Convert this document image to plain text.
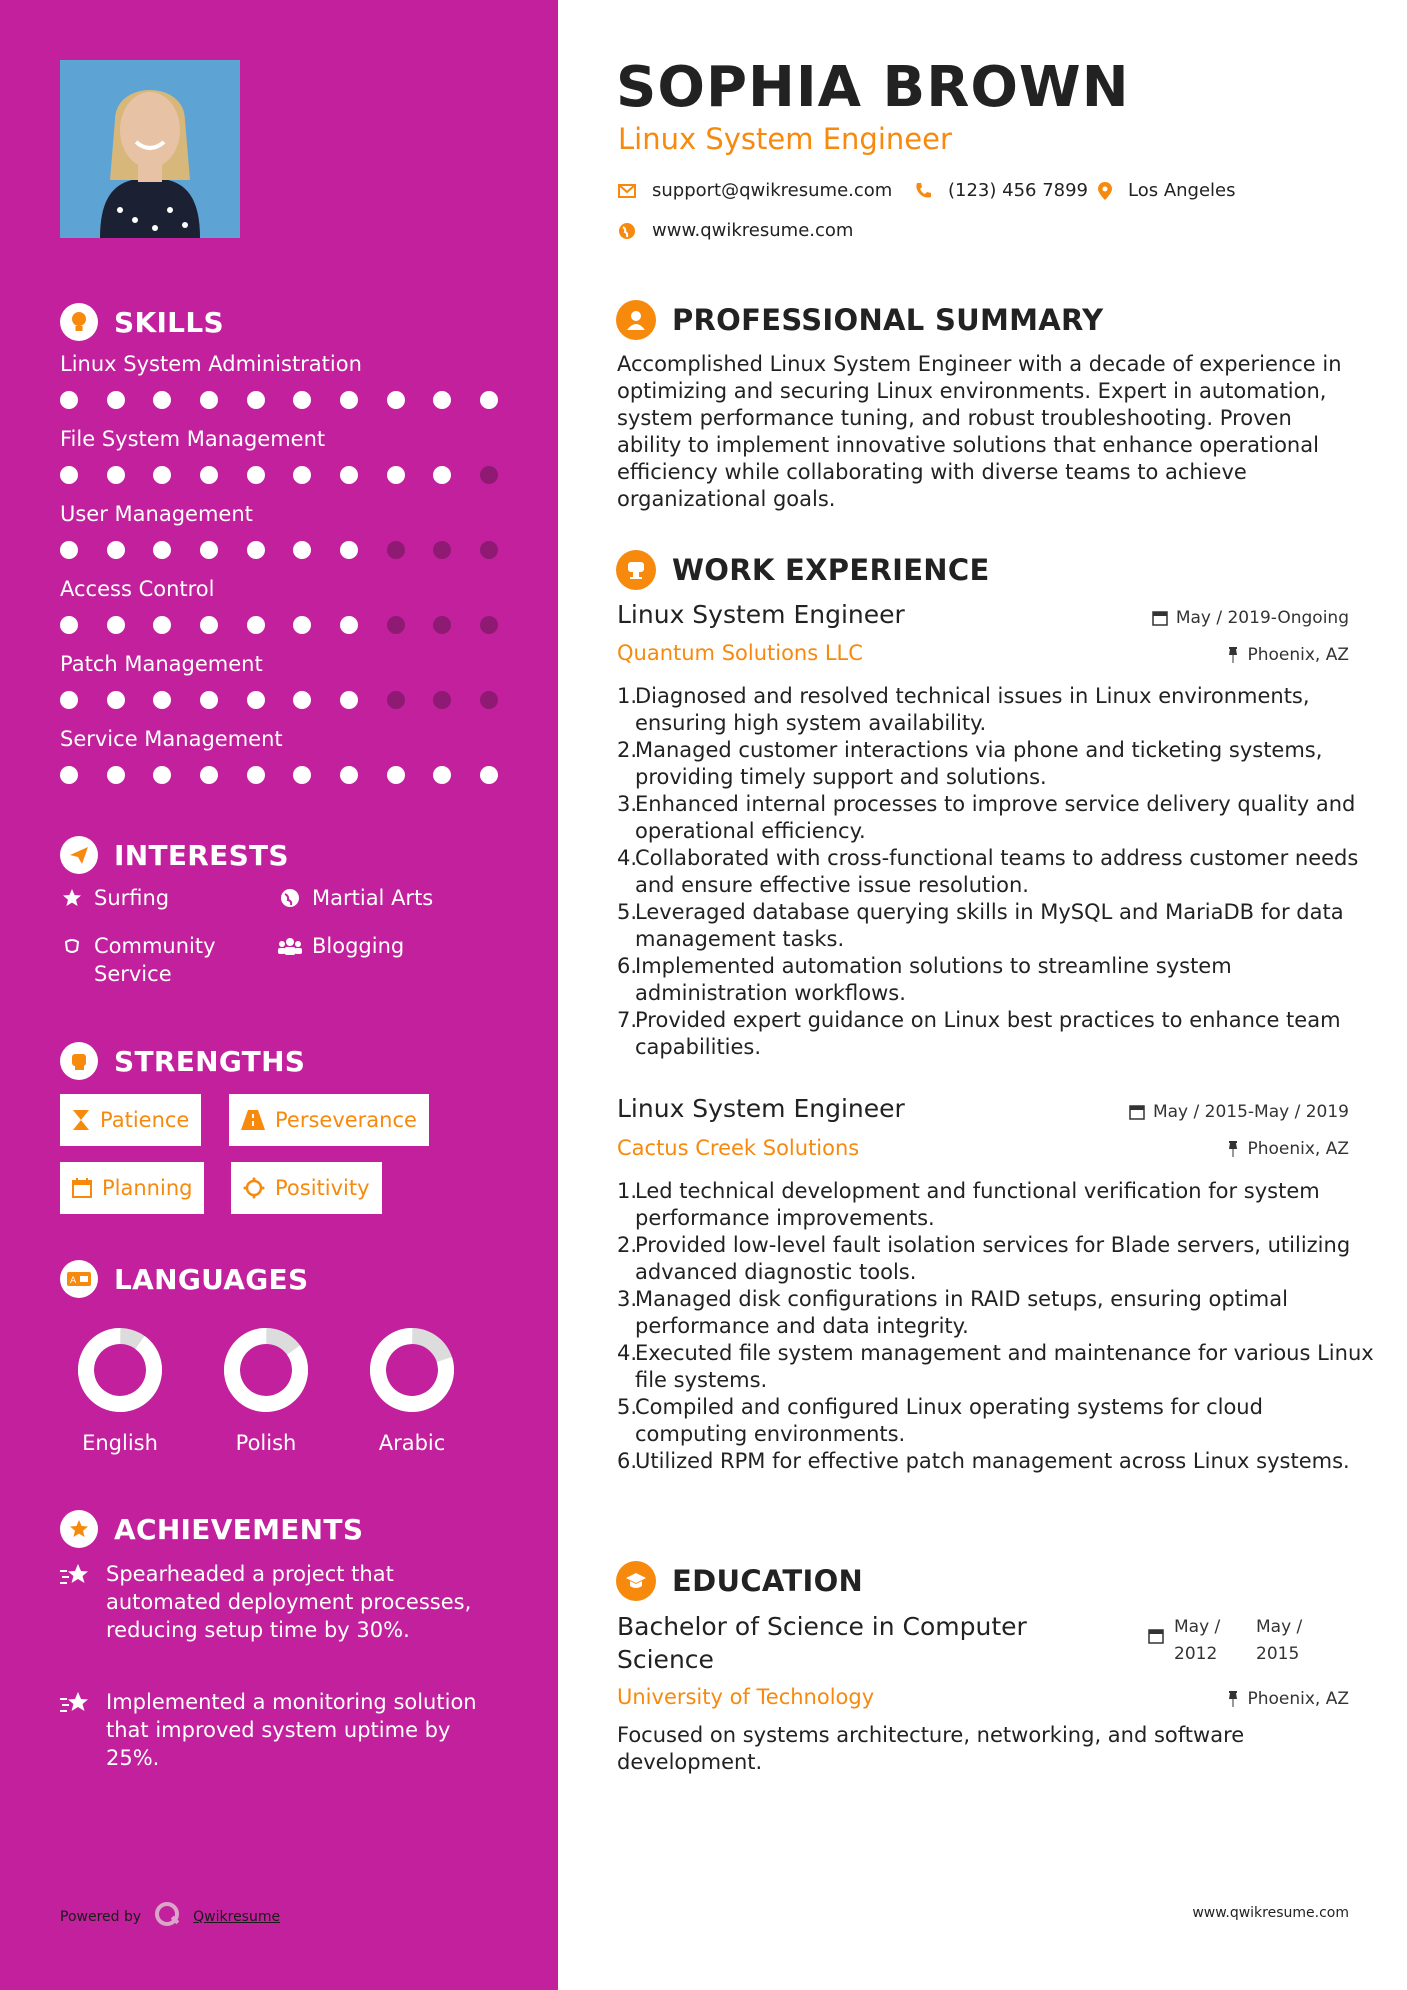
SKILLS
Linux System Administration
File System Management
User Management
Access Control
Patch Management
Service Management
INTERESTS
Surfing	Martial Arts
Community Service
Blogging
STRENGTHS
Patience	Perseverance
Planning	Positivity
A LANGUAGES
English	Polish	Arabic
ACHIEVEMENTS
Spearheaded a project that automated deployment processes, reducing setup time by 30%.
Implemented a monitoring solution that improved system uptime by 25%.
Powered by	Qwikresume
SOPHIA BROWN
Linux System Engineer
support@qwikresume.com	(123) 456 7899 Los Angeles
www.qwikresume.com
PROFESSIONAL SUMMARY
Accomplished Linux System Engineer with a decade of experience in optimizing and securing Linux environments. Expert in automation, system performance tuning, and robust troubleshooting. Proven ability to implement innovative solutions that enhance operational efficiency while collaborating with diverse teams to achieve organizational goals.
WORK EXPERIENCE
Linux System Engineer	May / 2019-Ongoing
Quantum Solutions LLC	Phoenix, AZ
1.
Diagnosed and resolved technical issues in Linux environments, ensuring high system availability.
2.
Managed customer interactions via phone and ticketing systems, providing timely support and solutions.
3.
Enhanced internal processes to improve service delivery quality and operational efficiency.
4.
Collaborated with cross-functional teams to address customer needs and ensure effective issue resolution.
5.
Leveraged database querying skills in MySQL and MariaDB for data management tasks.
6.
Implemented automation solutions to streamline system administration workflows.
7.
Provided expert guidance on Linux best practices to enhance team capabilities.
Linux System Engineer	May / 2015-May / 2019
Cactus Creek Solutions	Phoenix, AZ
1.
Led technical development and functional verification for system performance improvements.
2.
Provided low-level fault isolation services for Blade servers, utilizing advanced diagnostic tools.
3.
Managed disk configurations in RAID setups, ensuring optimal performance and data integrity.
4.
Executed file system management and maintenance for various Linux file systems.
5.
Compiled and configured Linux operating systems for cloud computing environments.
6.
Utilized RPM for effective patch management across Linux systems.
EDUCATION
Bachelor of Science in Computer Science
May / 2012
May / 2015
University of Technology	Phoenix, AZ
Focused on systems architecture, networking, and software development.
www.qwikresume.com
